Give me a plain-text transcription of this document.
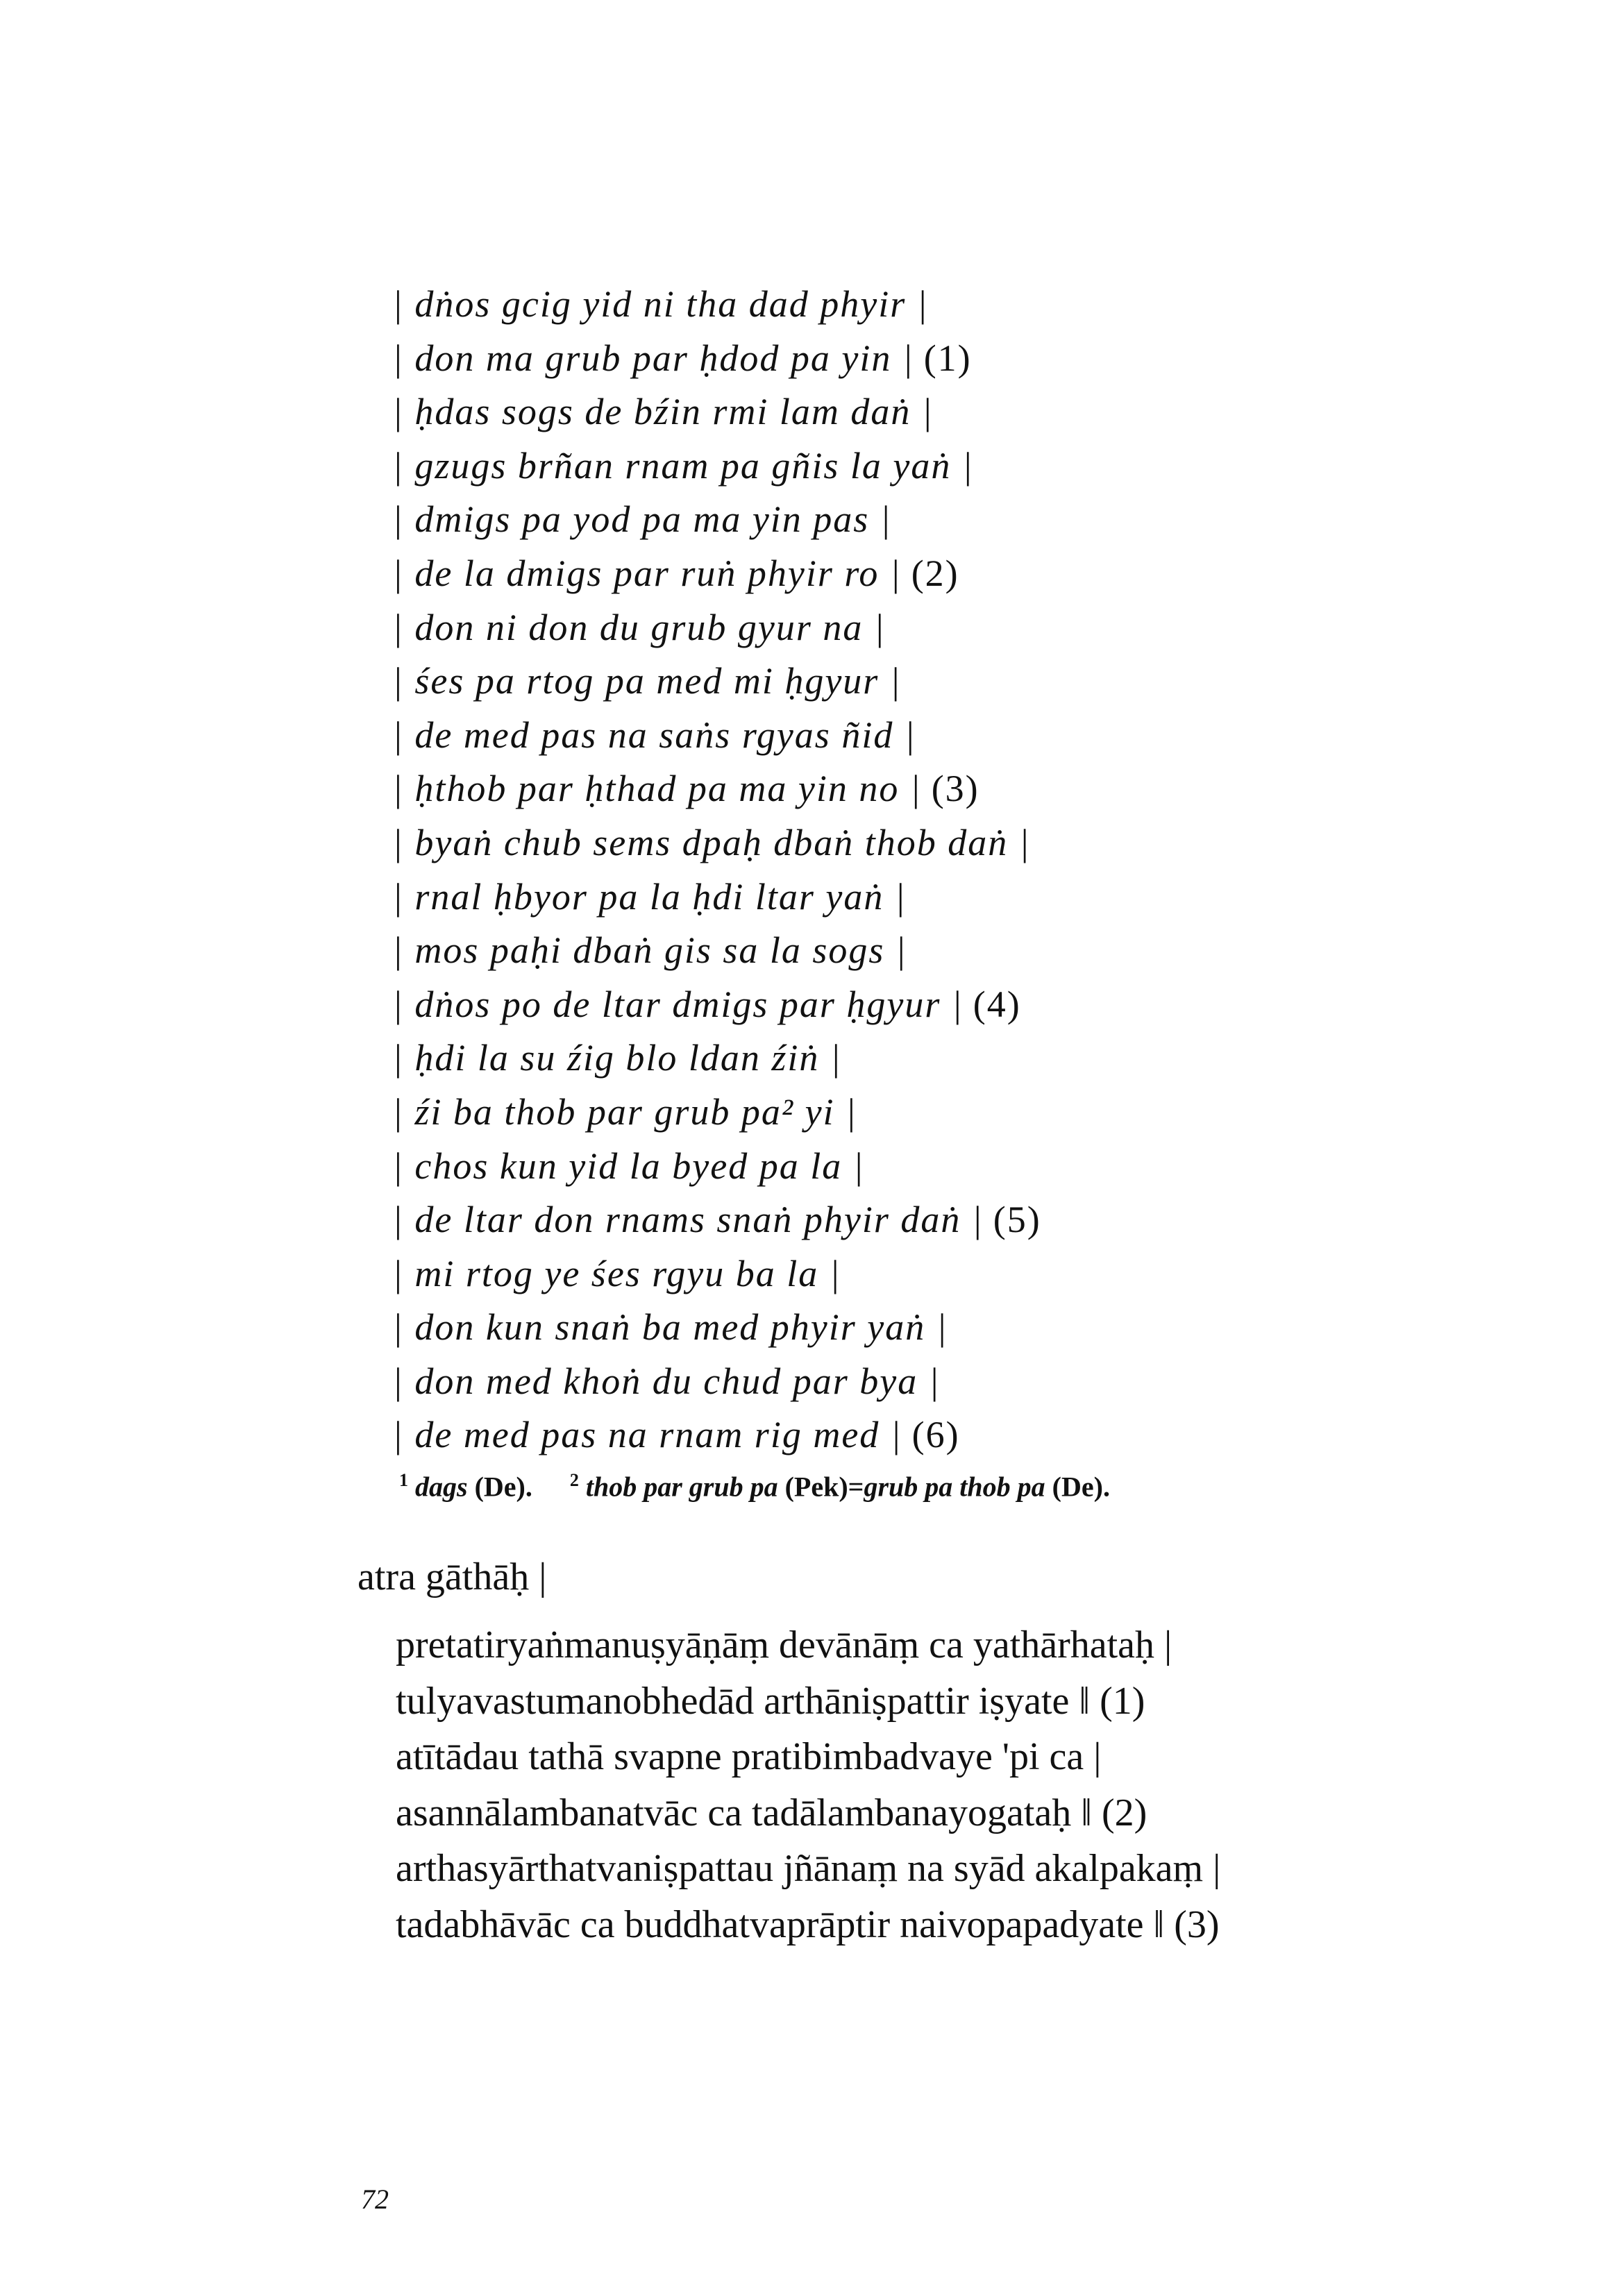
| dṅos gcig yid ni tha dad phyir |
| don ma grub par ḥdod pa yin | (1)
| ḥdas sogs de bźin rmi lam daṅ |
| gzugs brñan rnam pa gñis la yaṅ |
| dmigs pa yod pa ma yin pas |
| de la dmigs par ruṅ phyir ro | (2)
| don ni don du grub gyur na |
| śes pa rtog pa med mi ḥgyur |
| de med pas na saṅs rgyas ñid |
| ḥthob par ḥthad pa ma yin no | (3)
| byaṅ chub sems dpaḥ dbaṅ thob daṅ |
| rnal ḥbyor pa la ḥdi ltar yaṅ |
| mos paḥi dbaṅ gis sa la sogs |
| dṅos po de ltar dmigs par ḥgyur | (4)
| ḥdi la su źig blo ldan źiṅ |
| źi ba thob par grub pa² yi |
| chos kun yid la byed pa la |
| de ltar don rnams snaṅ phyir daṅ | (5)
| mi rtog ye śes rgyu ba la |
| don kun snaṅ ba med phyir yaṅ |
| don med khoṅ du chud par bya |
| de med pas na rnam rig med | (6)
$^1$ dags (De). $^2$ thob par grub pa (Pek)=grub pa thob pa (De).
atra gāthāḥ |
pretatiryaṅmanuṣyāṇāṃ devānāṃ ca yathārhataḥ |
tulyavastumanobhedād arthāniṣpattir iṣyate ‖ (1)
atītādau tathā svapne pratibimbadvaye 'pi ca |
asannālambanatvāc ca tadālambanayogataḥ ‖ (2)
arthasyārthatvaniṣpattau jñānaṃ na syād akalpakaṃ |
tadabhāvāc ca buddhatvaprāptir naivopapadyate ‖ (3)
72
